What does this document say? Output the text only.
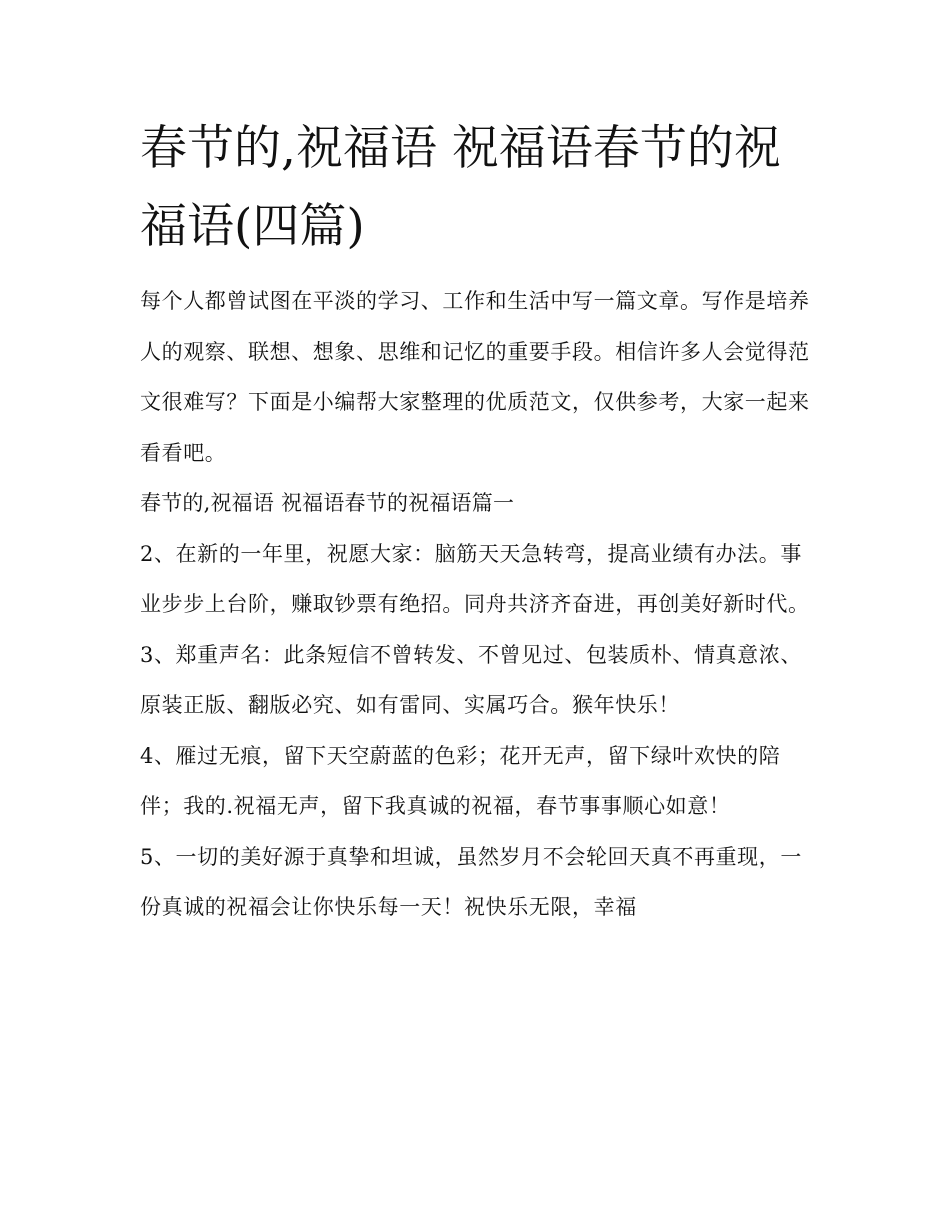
春节的,祝福语 祝福语春节的祝福语(四篇)

每个人都曾试图在平淡的学习、工作和生活中写一篇文章。写作是培养人的观察、联想、想象、思维和记忆的重要手段。相信许多人会觉得范文很难写？下面是小编帮大家整理的优质范文，仅供参考，大家一起来看看吧。

春节的,祝福语 祝福语春节的祝福语篇一

2、在新的一年里，祝愿大家：脑筋天天急转弯，提高业绩有办法。事业步步上台阶，赚取钞票有绝招。同舟共济齐奋进，再创美好新时代。

3、郑重声名：此条短信不曾转发、不曾见过、包装质朴、情真意浓、原装正版、翻版必究、如有雷同、实属巧合。猴年快乐！

4、雁过无痕，留下天空蔚蓝的色彩；花开无声，留下绿叶欢快的陪伴；我的.祝福无声，留下我真诚的祝福，春节事事顺心如意！

5、一切的美好源于真挚和坦诚，虽然岁月不会轮回天真不再重现，一份真诚的祝福会让你快乐每一天！祝快乐无限，幸福
